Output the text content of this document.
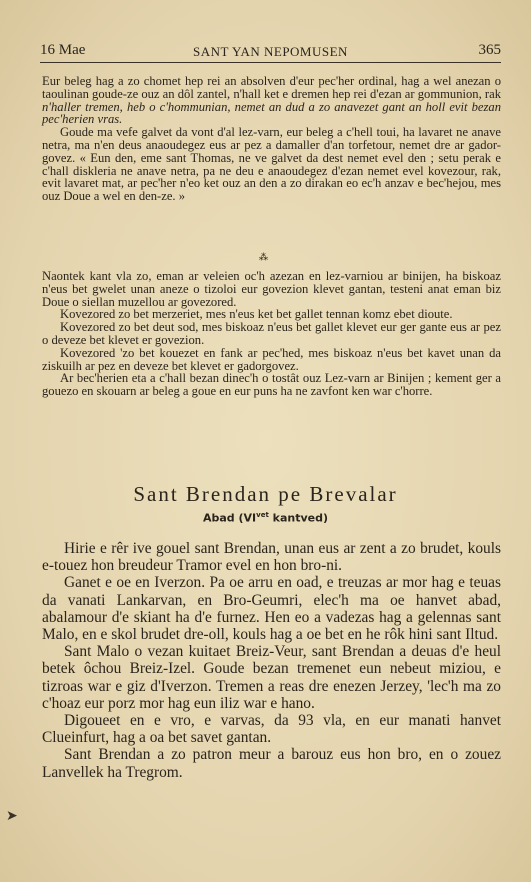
16 Mae	SANT YAN NEPOMUSEN	365

Eur beleg hag a zo chomet hep rei an absolven d'eur pec'her ordinal, hag a wel anezan o taoulinan goude-ze ouz an dôl zantel, n'hall ket e dremen hep rei d'ezan ar gommunion, rak n'haller tremen, heb o c'hommunian, nemet an dud a zo anavezet gant an holl evit bezan pec'herien vras.

Goude ma vefe galvet da vont d'al lez-varn, eur beleg a c'hell toui, ha lavaret ne anave netra, ma n'en deus anaoudegez eus ar pez a damaller d'an torfetour, nemet dre ar gador-govez. « Eun den, eme sant Thomas, ne ve galvet da dest nemet evel den ; setu perak e c'hall diskleria ne anave netra, pa ne deu e anaoudegez d'ezan nemet evel kovezour, rak, evit lavaret mat, ar pec'her n'eo ket ouz an den a zo dirakan eo ec'h anzav e bec'hejou, mes ouz Doue a wel en den-ze. »

⁂

Naontek kant vla zo, eman ar veleien oc'h azezan en lez-varniou ar binijen, ha biskoaz n'eus bet gwelet unan aneze o tizoloi eur govezion klevet gantan, testeni anat eman biz Doue o siellan muzellou ar govezored.

Kovezored zo bet merzeriet, mes n'eus ket bet gallet tennan komz ebet dioute.

Kovezored zo bet deut sod, mes biskoaz n'eus bet gallet klevet eur ger gante eus ar pez o deveze bet klevet er govezion.

Kovezored 'zo bet kouezet en fank ar pec'hed, mes biskoaz n'eus bet kavet unan da ziskuilh ar pez en deveze bet klevet er gadorgovez.

Ar bec'herien eta a c'hall bezan dinec'h o tostât ouz Lez-varn ar Binijen ; kement ger a gouezo en skouarn ar beleg a goue en eur puns ha ne zavfont ken war c'horre.

Sant Brendan pe Brevalar
Abad ($VI^{vet}$ kantved)

Hirie e rêr ive gouel sant Brendan, unan eus ar zent a zo brudet, kouls e-touez hon breudeur Tramor evel en hon bro-ni.

Ganet e oe en Iverzon. Pa oe arru en oad, e treuzas ar mor hag e teuas da vanati Lankarvan, en Bro-Geumri, elec'h ma oe hanvet abad, abalamour d'e skiant ha d'e furnez. Hen eo a vadezas hag a gelennas sant Malo, en e skol brudet dre-oll, kouls hag a oe bet en he rôk hini sant Iltud.

Sant Malo o vezan kuitaet Breiz-Veur, sant Brendan a deuas d'e heul betek ôchou Breiz-Izel. Goude bezan tremenet eun nebeut miziou, e tizroas war e giz d'Iverzon. Tremen a reas dre enezen Jerzey, 'lec'h ma zo c'hoaz eur porz mor hag eun iliz war e hano.

Digoueet en e vro, e varvas, da 93 vla, en eur manati hanvet Clueinfurt, hag a oa bet savet gantan.

Sant Brendan a zo patron meur a barouz eus hon bro, en o zouez Lanvellek ha Tregrom.

➤
